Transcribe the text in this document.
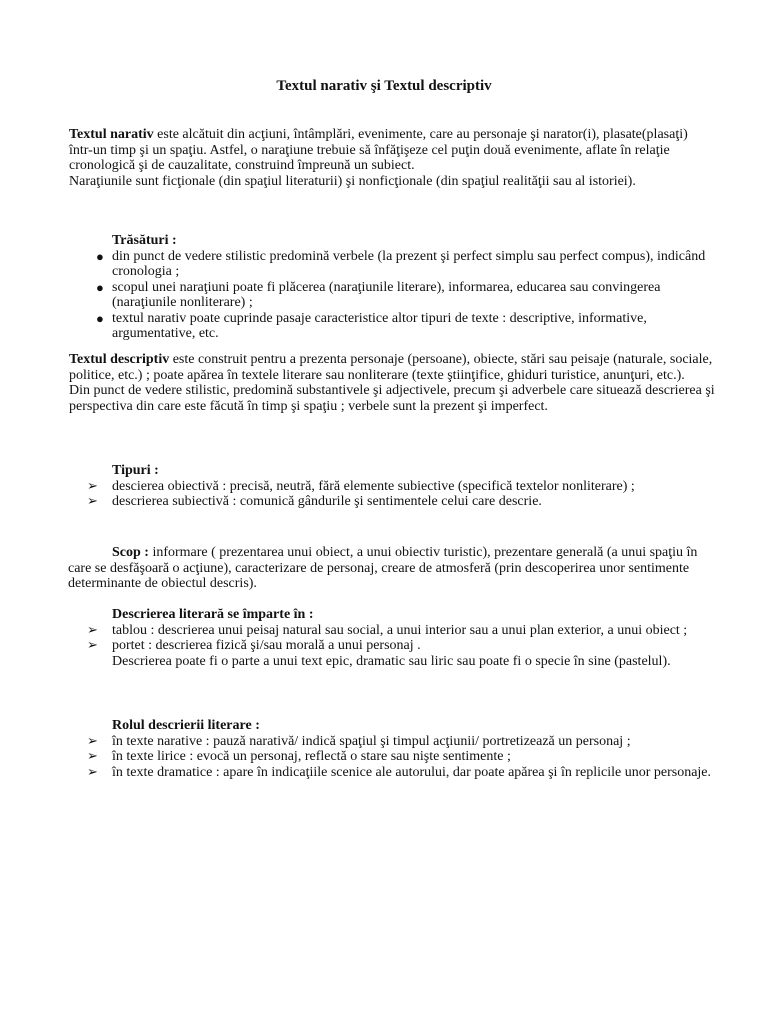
Textul narativ şi Textul descriptiv

Textul narativ este alcătuit din acţiuni, întâmplări, evenimente, care au personaje şi narator(i), plasate(plasaţi) într-un timp şi un spaţiu. Astfel, o naraţiune trebuie să înfăţişeze cel puţin două evenimente, aflate în relaţie cronologică şi de cauzalitate, construind împreună un subiect.

Naraţiunile sunt ficţionale (din spaţiul literaturii) şi nonficţionale (din spaţiul realităţii sau al istoriei).

Trăsături :

● din punct de vedere stilistic predomină verbele (la prezent şi perfect simplu sau perfect compus), indicând cronologia ;
● scopul unei naraţiuni poate fi plăcerea (naraţiunile literare), informarea, educarea sau convingerea (naraţiunile nonliterare) ;
● textul narativ poate cuprinde pasaje caracteristice altor tipuri de texte : descriptive, informative, argumentative, etc.

Textul descriptiv este construit pentru a prezenta personaje (persoane), obiecte, stări sau peisaje (naturale, sociale, politice, etc.) ; poate apărea în textele literare sau nonliterare (texte ştiinţifice, ghiduri turistice, anunţuri, etc.).

Din punct de vedere stilistic, predomină substantivele şi adjectivele, precum şi adverbele care situează descrierea şi perspectiva din care este făcută în timp şi spaţiu ; verbele sunt la prezent şi imperfect.

Tipuri :

➢ descierea obiectivă : precisă, neutră, fără elemente subiective (specifică textelor nonliterare) ;
➢ descrierea subiectivă : comunică gândurile şi sentimentele celui care descrie.

Scop : informare ( prezentarea unui obiect, a unui obiectiv turistic), prezentare generală (a unui spaţiu în care se desfăşoară o acţiune), caracterizare de personaj, creare de atmosferă (prin descoperirea unor sentimente determinante de obiectul descris).

Descrierea literară se împarte în :

➢ tablou : descrierea unui peisaj natural sau social, a unui interior sau a unui plan exterior, a unui obiect ;
➢ portet : descrierea fizică şi/sau morală a unui personaj .

Descrierea poate fi o parte a unui text epic, dramatic sau liric sau poate fi o specie în sine (pastelul).

Rolul descrierii literare :

➢ în texte narative : pauză narativă/ indică spaţiul şi timpul acţiunii/ portretizează un personaj ;
➢ în texte lirice : evocă un personaj, reflectă o stare sau nişte sentimente ;
➢ în texte dramatice : apare în indicaţiile scenice ale autorului, dar poate apărea şi în replicile unor personaje.
